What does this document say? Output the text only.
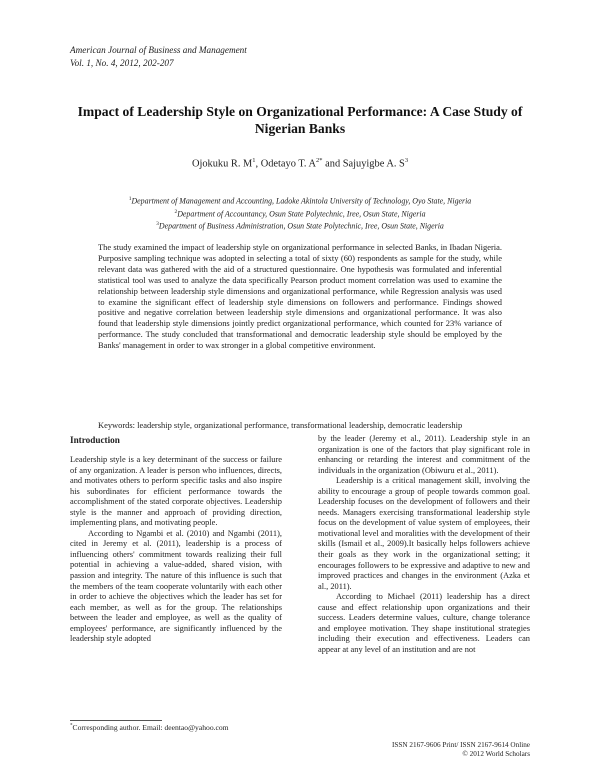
American Journal of Business and Management
Vol. 1, No. 4, 2012, 202-207
Impact of Leadership Style on Organizational Performance: A Case Study of
Nigerian Banks
Ojokuku R. $M^1$, Odetayo T. $A^{2*}$ and Sajuyigbe A. $S^3$
$^1$Department of Management and Accounting, Ladoke Akintola University of Technology, Oyo State, Nigeria
$^2$Department of Accountancy, Osun State Polytechnic, Iree, Osun State, Nigeria
$^3$Department of Business Administration, Osun State Polytechnic, Iree, Osun State, Nigeria
The study examined the impact of leadership style on organizational performance in selected Banks, in Ibadan Nigeria. Purposive sampling technique was adopted in selecting a total of sixty (60) respondents as sample for the study, while relevant data was gathered with the aid of a structured questionnaire. One hypothesis was formulated and inferential statistical tool was used to analyze the data specifically Pearson product moment correlation was used to examine the relationship between leadership style dimensions and organizational performance, while Regression analysis was used to examine the significant effect of leadership style dimensions on followers and performance. Findings showed positive and negative correlation between leadership style dimensions and organizational performance. It was also found that leadership style dimensions jointly predict organizational performance, which counted for 23% variance of performance. The study concluded that transformational and democratic leadership style should be employed by the Banks' management in order to wax stronger in a global competitive environment.
Keywords: leadership style, organizational performance, transformational leadership, democratic leadership
Introduction

Leadership style is a key determinant of the success or failure of any organization. A leader is person who influences, directs, and motivates others to perform specific tasks and also inspire his subordinates for efficient performance towards the accomplishment of the stated corporate objectives. Leadership style is the manner and approach of providing direction, implementing plans, and motivating people.

According to Ngambi et al. (2010) and Ngambi (2011), cited in Jeremy et al. (2011), leadership is a process of influencing others' commitment towards realizing their full potential in achieving a value-added, shared vision, with passion and integrity. The nature of this influence is such that the members of the team cooperate voluntarily with each other in order to achieve the objectives which the leader has set for each member, as well as for the group. The relationships between the leader and employee, as well as the quality of employees' performance, are significantly influenced by the leadership style adopted

by the leader (Jeremy et al., 2011). Leadership style in an organization is one of the factors that play significant role in enhancing or retarding the interest and commitment of the individuals in the organization (Obiwuru et al., 2011).

Leadership is a critical management skill, involving the ability to encourage a group of people towards common goal. Leadership focuses on the development of followers and their needs. Managers exercising transformational leadership style focus on the development of value system of employees, their motivational level and moralities with the development of their skills (Ismail et al., 2009).It basically helps followers achieve their goals as they work in the organizational setting; it encourages followers to be expressive and adaptive to new and improved practices and changes in the environment (Azka et al., 2011).

According to Michael (2011) leadership has a direct cause and effect relationship upon organizations and their success. Leaders determine values, culture, change tolerance and employee motivation. They shape institutional strategies including their execution and effectiveness. Leaders can appear at any level of an institution and are not

*Corresponding author. Email: deentao@yahoo.com
ISSN 2167-9606 Print/ ISSN 2167-9614 Online
© 2012 World Scholars
